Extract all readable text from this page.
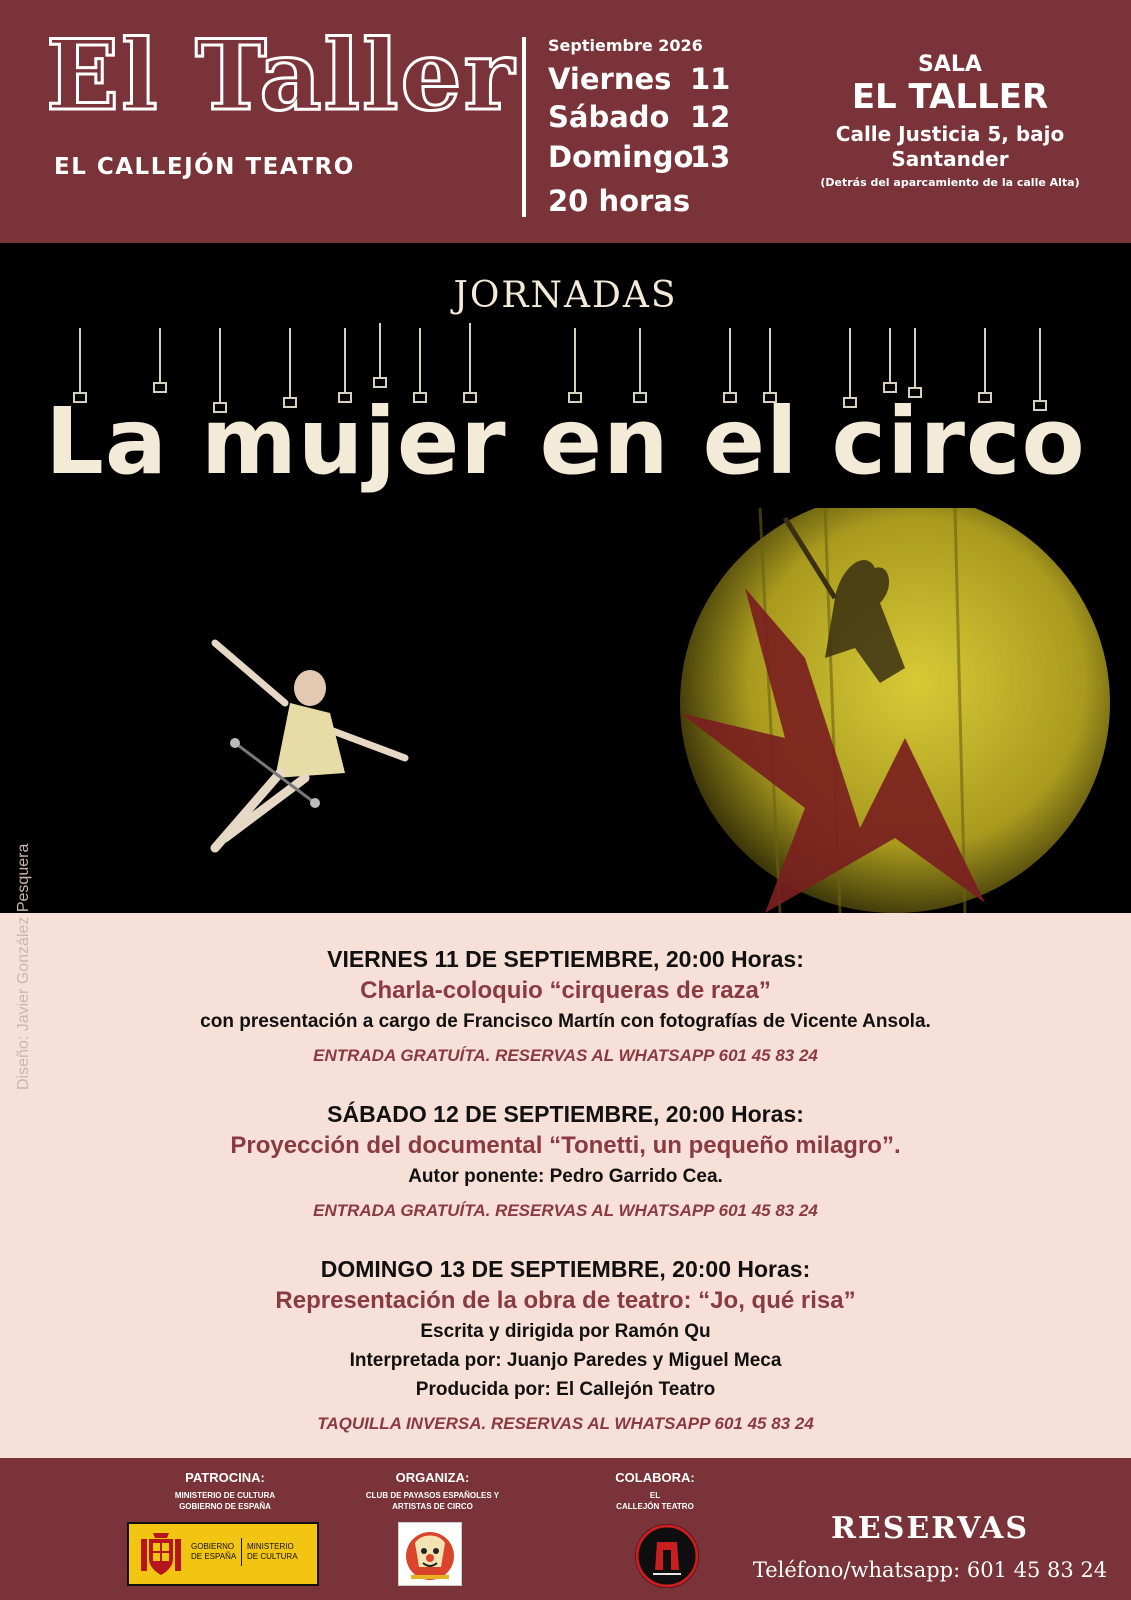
El Taller
EL CALLEJÓN TEATRO
Septiembre 2026
Viernes 11
Sábado 12
Domingo13
20 horas
SALA
EL TALLER
Calle Justicia 5, bajo
Santander
(Detrás del aparcamiento de la calle Alta)
JORNADAS
La mujer en el circo
VIERNES 11 DE SEPTIEMBRE, 20:00 Horas:
Charla-coloquio “cirqueras de raza”
con presentación a cargo de Francisco Martín con fotografías de Vicente Ansola.
ENTRADA GRATUÍTA. RESERVAS AL WHATSAPP 601 45 83 24
SÁBADO 12 DE SEPTIEMBRE, 20:00 Horas:
Proyección del documental “Tonetti, un pequeño milagro”.
Autor ponente: Pedro Garrido Cea.
ENTRADA GRATUÍTA. RESERVAS AL WHATSAPP 601 45 83 24
DOMINGO 13 DE SEPTIEMBRE, 20:00 Horas:
Representación de la obra de teatro: “Jo, qué risa”
Escrita y dirigida por Ramón Qu
Interpretada por: Juanjo Paredes y Miguel Meca
Producida por: El Callejón Teatro
TAQUILLA INVERSA. RESERVAS AL WHATSAPP 601 45 83 24
Diseño: Javier González Pesquera
PATROCINA:
MINISTERIO DE CULTURA
GOBIERNO DE ESPAÑA
ORGANIZA:
CLUB DE PAYASOS ESPAÑOLES Y
ARTISTAS DE CIRCO
COLABORA:
EL
CALLEJÓN TEATRO
GOBIERNO
DE ESPAÑA
MINISTERIO
DE CULTURA
RESERVAS
Teléfono/whatsapp: 601 45 83 24
